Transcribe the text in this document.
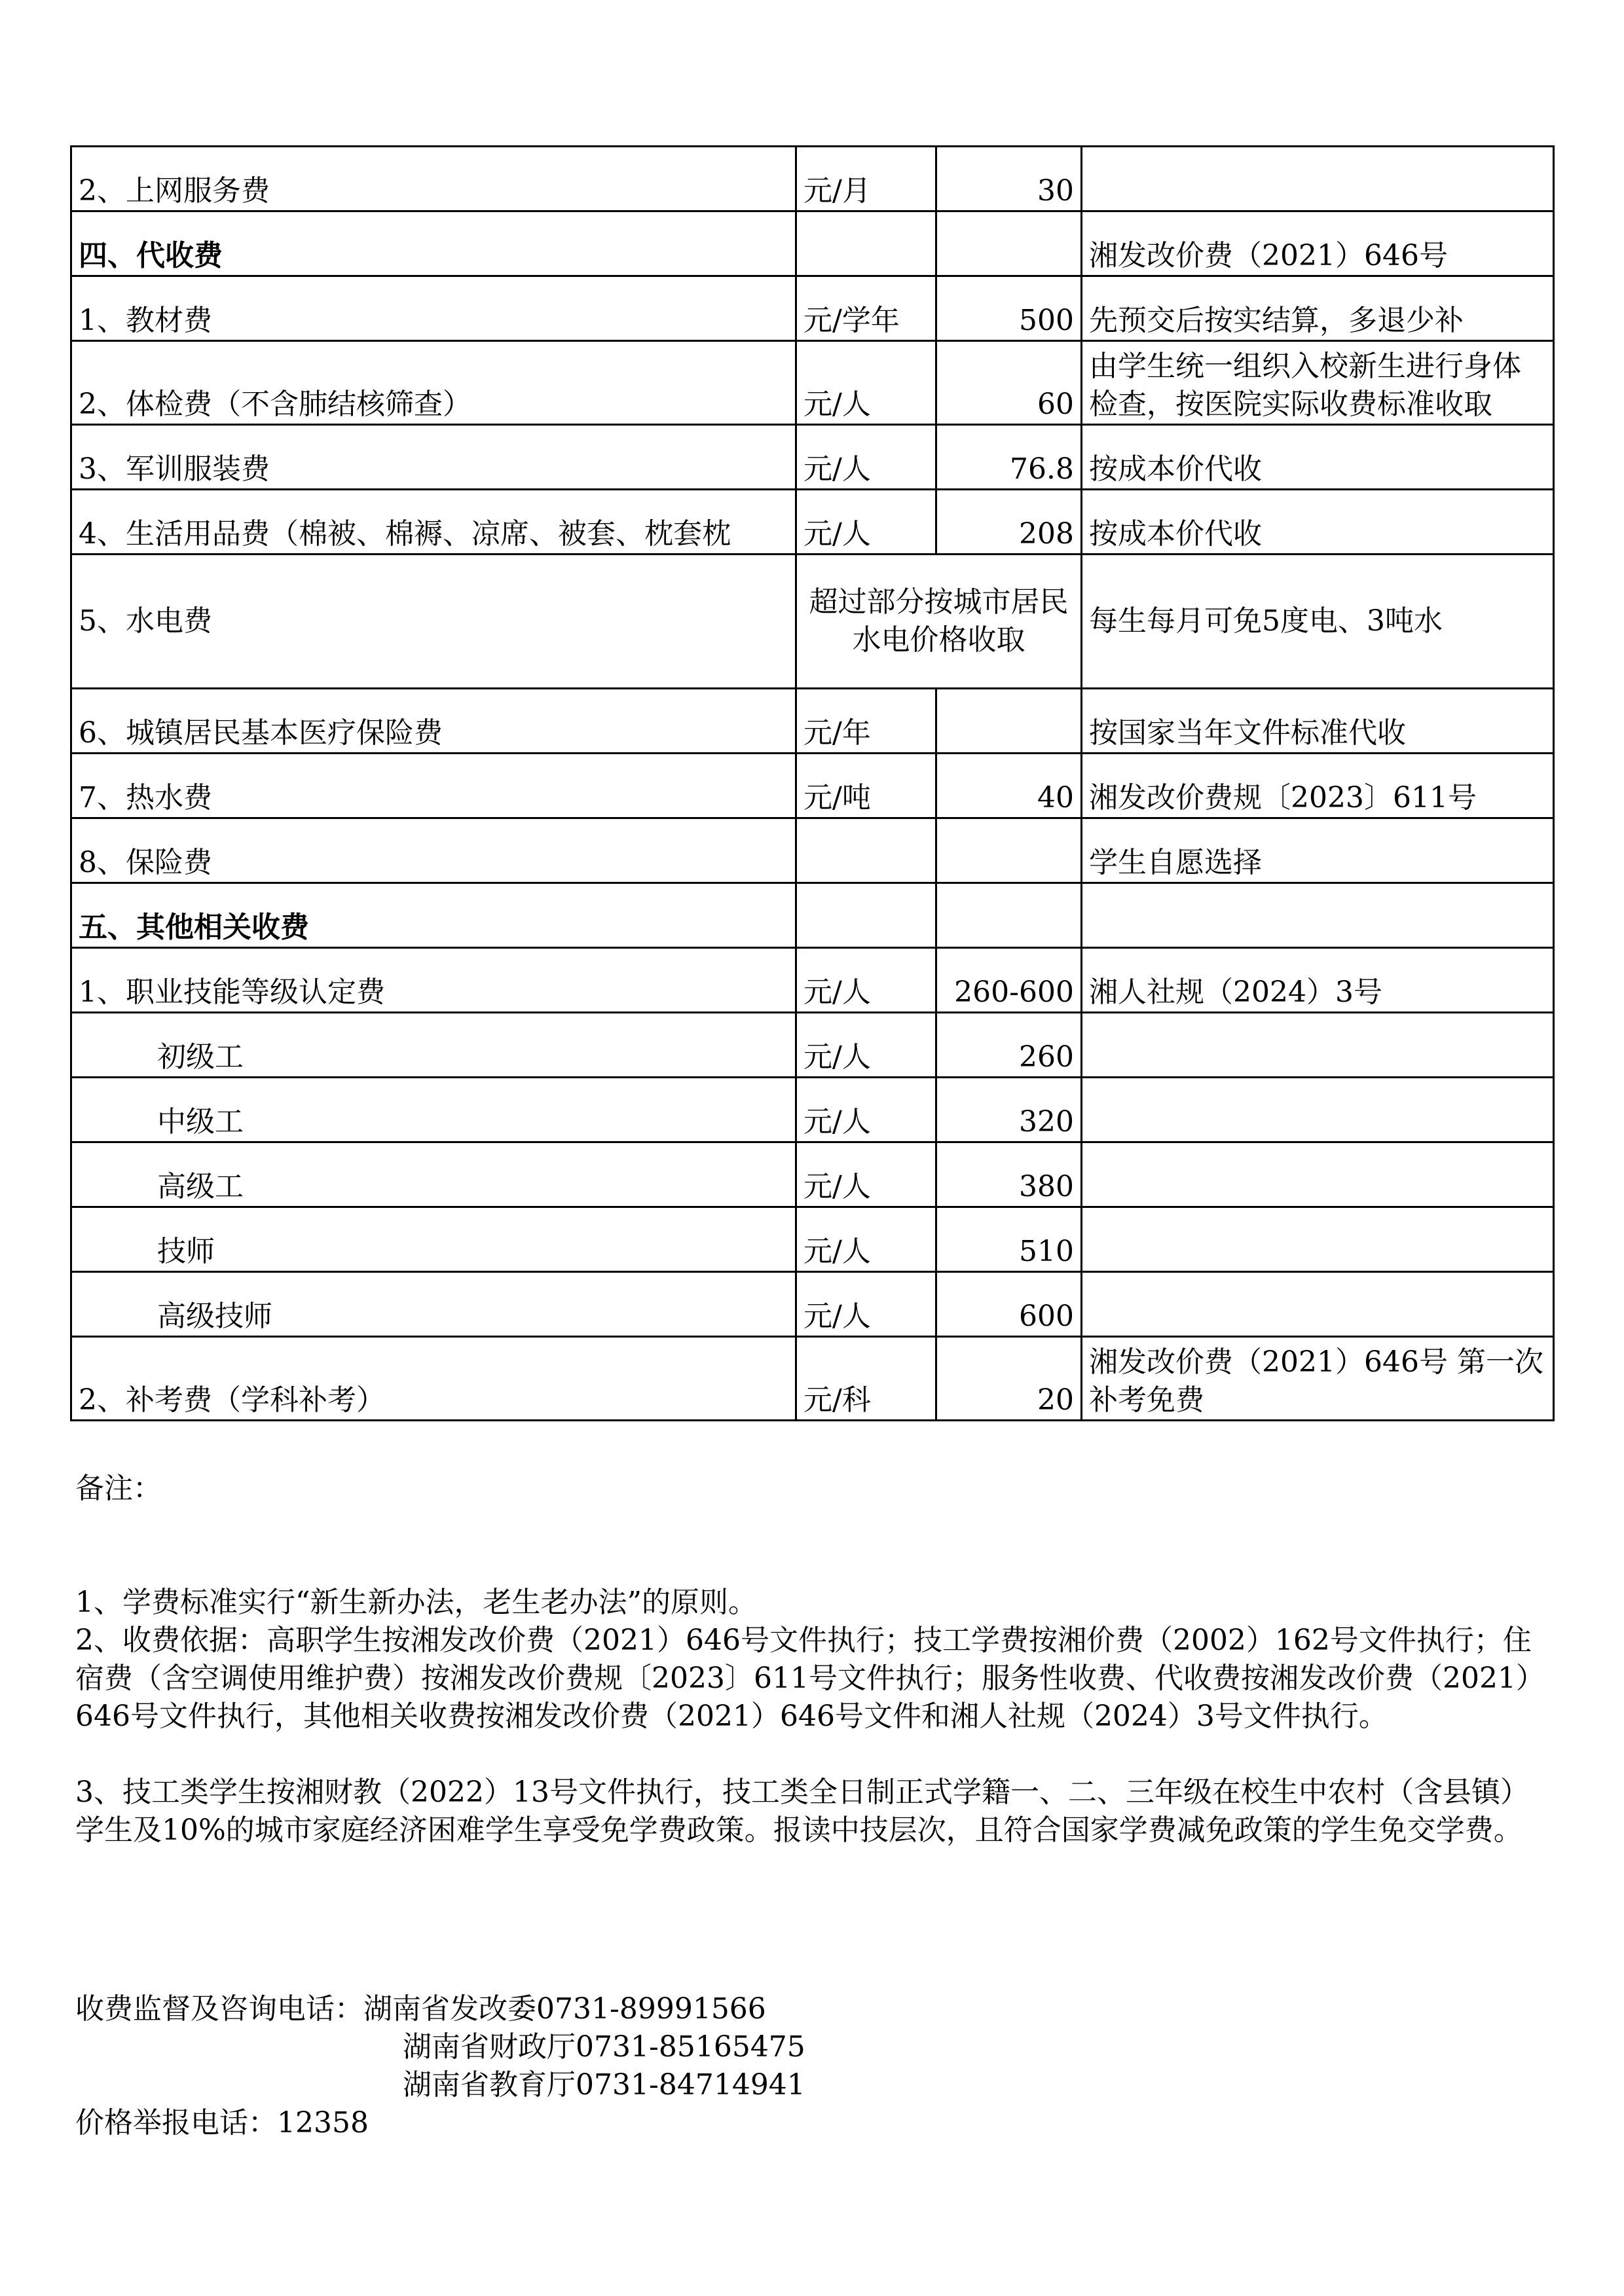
2、上网服务费	元/月	30	
四、代收费			湘发改价费（2021）646号
1、教材费	元/学年	500	先预交后按实结算，多退少补
2、体检费（不含肺结核筛查）	元/人	60	由学生统一组织入校新生进行身体检查，按医院实际收费标准收取
3、军训服装费	元/人	76.8	按成本价代收
4、生活用品费（棉被、棉褥、凉席、被套、枕套枕	元/人	208	按成本价代收
5、水电费	超过部分按城市居民水电价格收取		每生每月可免5度电、3吨水
6、城镇居民基本医疗保险费	元/年		按国家当年文件标准代收
7、热水费	元/吨	40	湘发改价费规〔2023〕611号
8、保险费			学生自愿选择
五、其他相关收费			
1、职业技能等级认定费	元/人	260-600	湘人社规（2024）3号
初级工	元/人	260	
中级工	元/人	320	
高级工	元/人	380	
技师	元/人	510	
高级技师	元/人	600	
2、补考费（学科补考）	元/科	20	湘发改价费（2021）646号 第一次补考免费

备注：

1、学费标准实行“新生新办法，老生老办法”的原则。

2、收费依据：高职学生按湘发改价费（2021）646号文件执行；技工学费按湘价费（2002）162号文件执行；住宿费（含空调使用维护费）按湘发改价费规〔2023〕611号文件执行；服务性收费、代收费按湘发改价费（2021）646号文件执行，其他相关收费按湘发改价费（2021）646号文件和湘人社规（2024）3号文件执行。

3、技工类学生按湘财教（2022）13号文件执行，技工类全日制正式学籍一、二、三年级在校生中农村（含县镇）学生及10%的城市家庭经济困难学生享受免学费政策。报读中技层次，且符合国家学费减免政策的学生免交学费。

收费监督及咨询电话：湖南省发改委0731-89991566
湖南省财政厅0731-85165475
湖南省教育厅0731-84714941
价格举报电话：12358
